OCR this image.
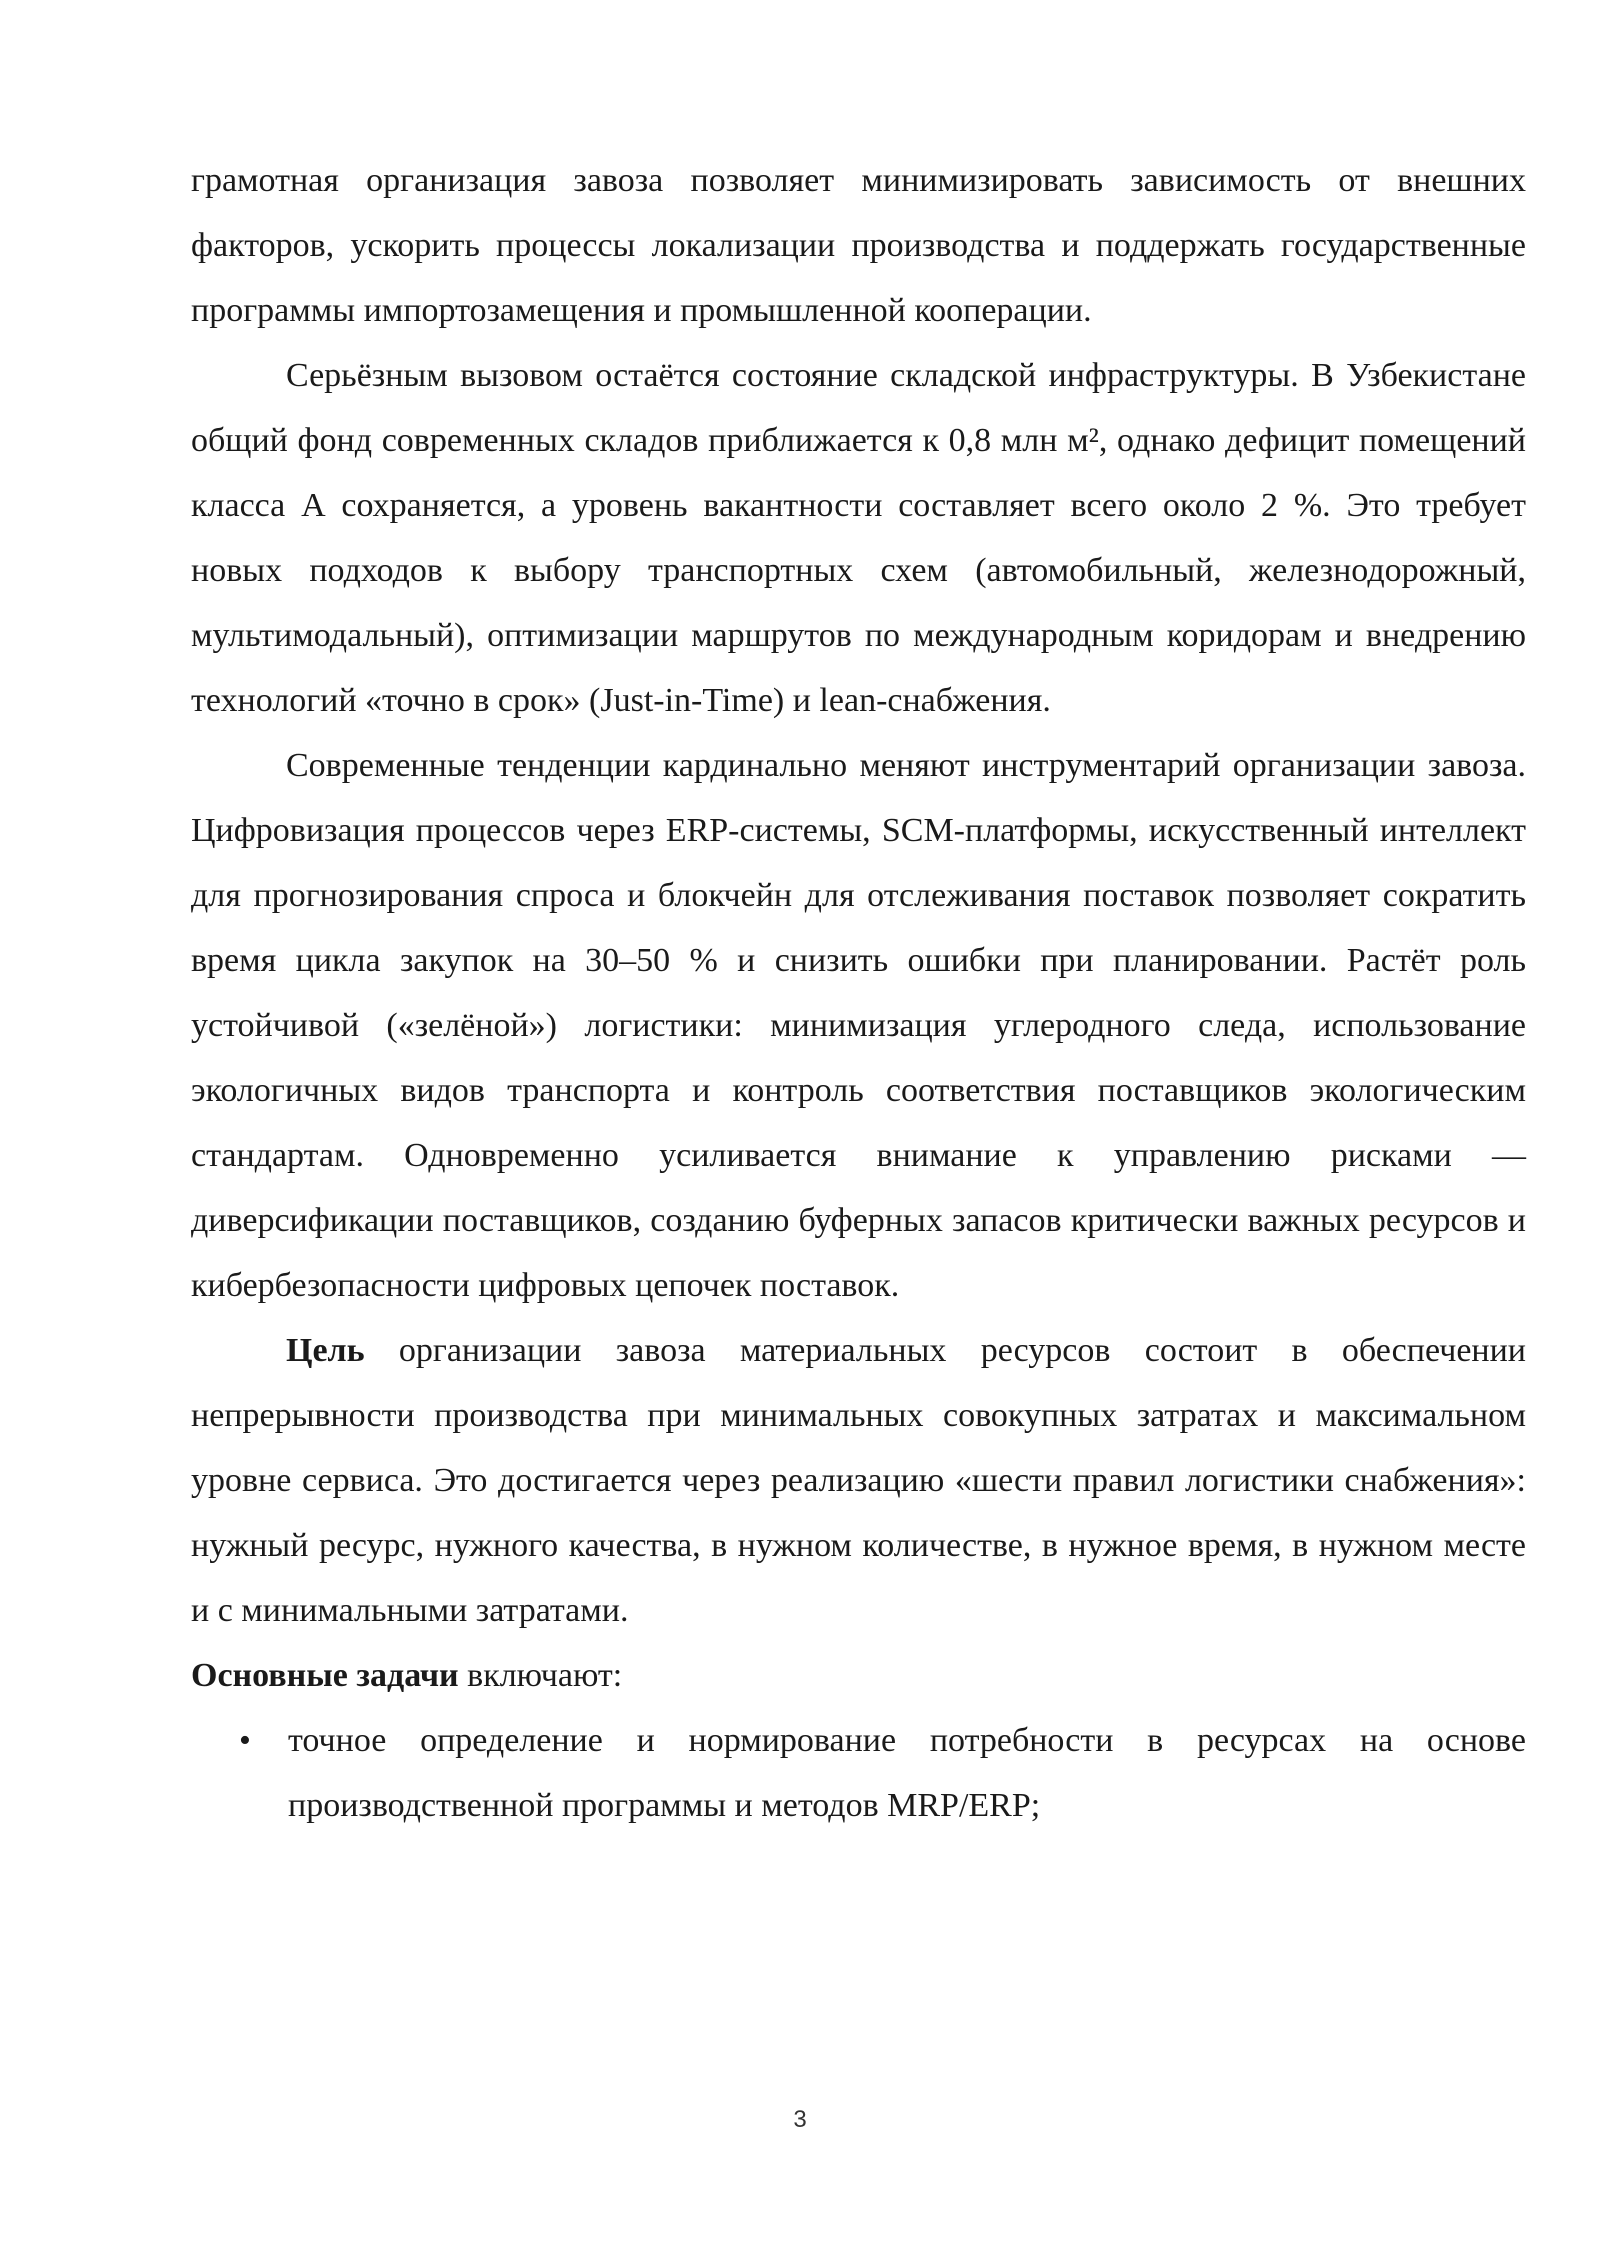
грамотная организация завоза позволяет минимизировать зависимость от внешних факторов, ускорить процессы локализации производства и поддержать государственные программы импортозамещения и промышленной кооперации.

Серьёзным вызовом остаётся состояние складской инфраструктуры. В Узбекистане общий фонд современных складов приближается к 0,8 млн м², однако дефицит помещений класса А сохраняется, а уровень вакантности составляет всего около 2 %. Это требует новых подходов к выбору транспортных схем (автомобильный, железнодорожный, мультимодальный), оптимизации маршрутов по международным коридорам и внедрению технологий «точно в срок» (Just-in-Time) и lean-снабжения.

Современные тенденции кардинально меняют инструментарий организации завоза. Цифровизация процессов через ERP-системы, SCM-платформы, искусственный интеллект для прогнозирования спроса и блокчейн для отслеживания поставок позволяет сократить время цикла закупок на 30–50 % и снизить ошибки при планировании. Растёт роль устойчивой («зелёной») логистики: минимизация углеродного следа, использование экологичных видов транспорта и контроль соответствия поставщиков экологическим стандартам. Одновременно усиливается внимание к управлению рисками — диверсификации поставщиков, созданию буферных запасов критически важных ресурсов и кибербезопасности цифровых цепочек поставок.

Цель организации завоза материальных ресурсов состоит в обеспечении непрерывности производства при минимальных совокупных затратах и максимальном уровне сервиса. Это достигается через реализацию «шести правил логистики снабжения»: нужный ресурс, нужного качества, в нужном количестве, в нужное время, в нужном месте и с минимальными затратами.

Основные задачи включают:

• точное определение и нормирование потребности в ресурсах на основе производственной программы и методов MRP/ERP;
3
